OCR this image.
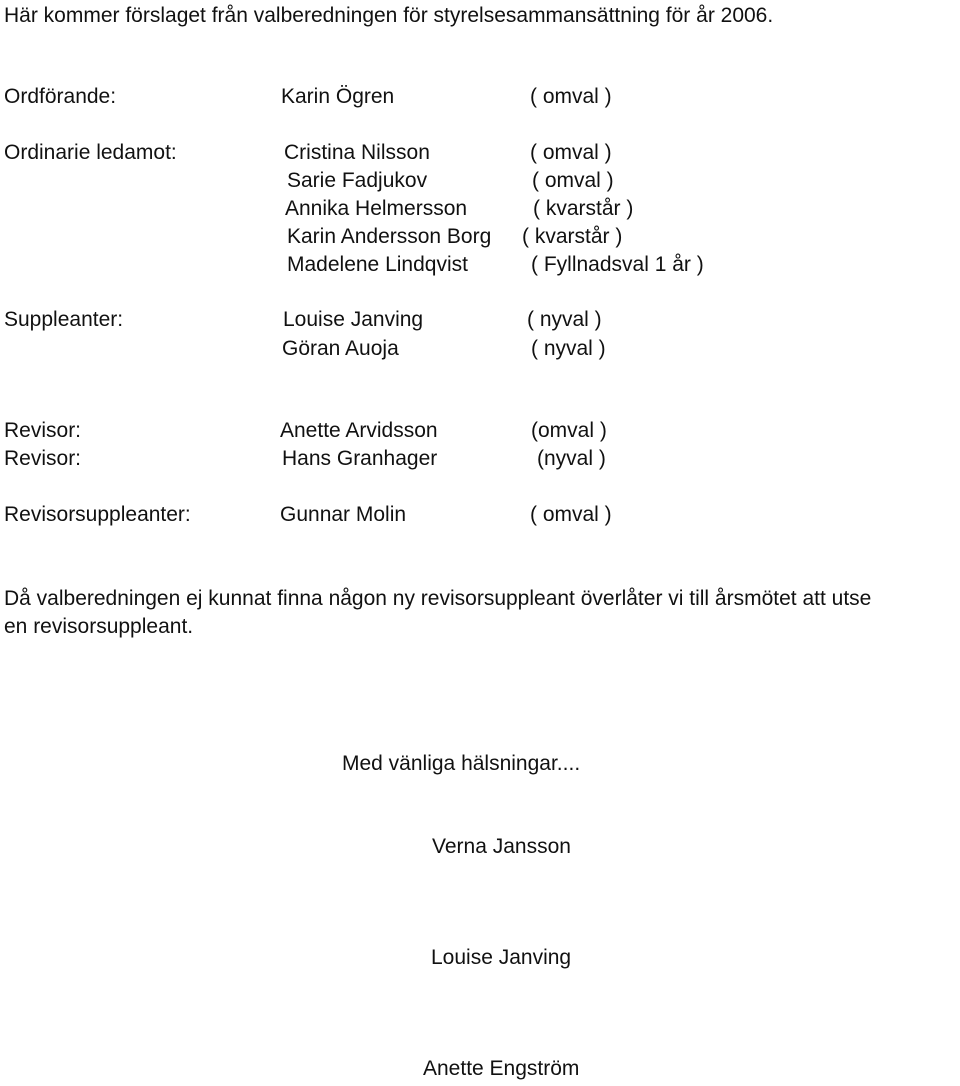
Här kommer förslaget från valberedningen för styrelsesammansättning för år 2006.
Ordförande:	Karin Ögren	( omval )
Ordinarie ledamot:	Cristina Nilsson	( omval )
Sarie Fadjukov	( omval )
Annika Helmersson	( kvarstår )
Karin Andersson Borg ( kvarstår )
Madelene Lindqvist	( Fyllnadsval 1 år )
Suppleanter:	Louise Janving	( nyval )
Göran Auoja	( nyval )
Revisor:	Anette Arvidsson	(omval )
Revisor:	Hans Granhager	(nyval )
Revisorsuppleanter:	Gunnar Molin	( omval )
Då valberedningen ej kunnat finna någon ny revisorsuppleant överlåter vi till årsmötet att utse
en revisorsuppleant.
Med vänliga hälsningar....
Verna Jansson
Louise Janving
Anette Engström
